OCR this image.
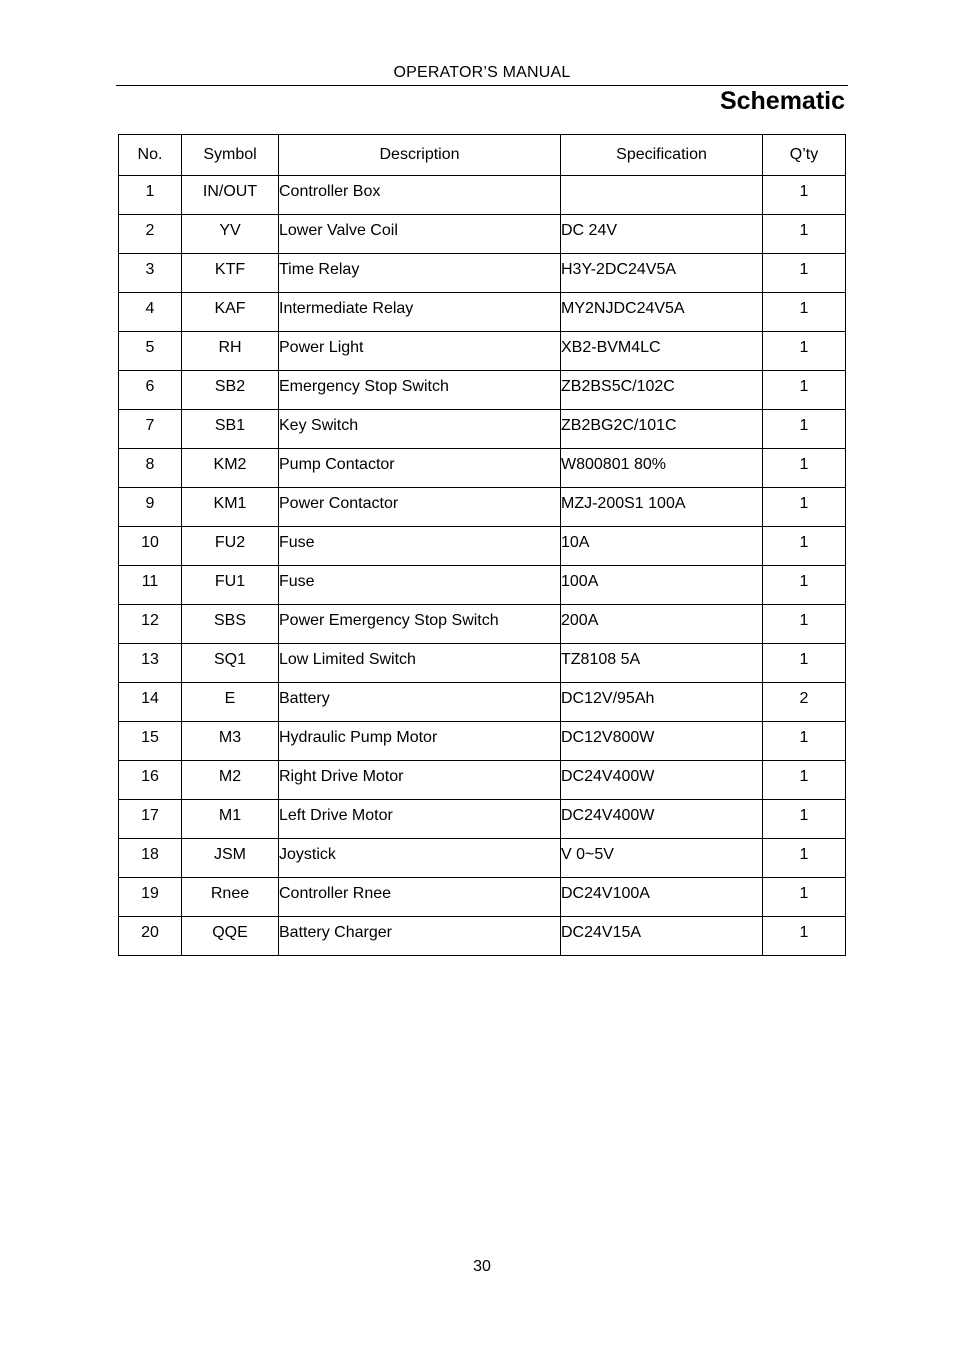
OPERATOR’S MANUAL
Schematic
No.	Symbol	Description	Specification	Q’ty
1	IN/OUT	Controller Box		1
2	YV	Lower Valve Coil	DC 24V	1
3	KTF	Time Relay	H3Y-2DC24V5A	1
4	KAF	Intermediate Relay	MY2NJDC24V5A	1
5	RH	Power Light	XB2-BVM4LC	1
6	SB2	Emergency Stop Switch	ZB2BS5C/102C	1
7	SB1	Key Switch	ZB2BG2C/101C	1
8	KM2	Pump Contactor	W800801 80%	1
9	KM1	Power Contactor	MZJ-200S1 100A	1
10	FU2	Fuse	10A	1
11	FU1	Fuse	100A	1
12	SBS	Power Emergency Stop Switch	200A	1
13	SQ1	Low Limited Switch	TZ8108 5A	1
14	E	Battery	DC12V/95Ah	2
15	M3	Hydraulic Pump Motor	DC12V800W	1
16	M2	Right Drive Motor	DC24V400W	1
17	M1	Left Drive Motor	DC24V400W	1
18	JSM	Joystick	V 0~5V	1
19	Rnee	Controller Rnee	DC24V100A	1
20	QQE	Battery Charger	DC24V15A	1
30
